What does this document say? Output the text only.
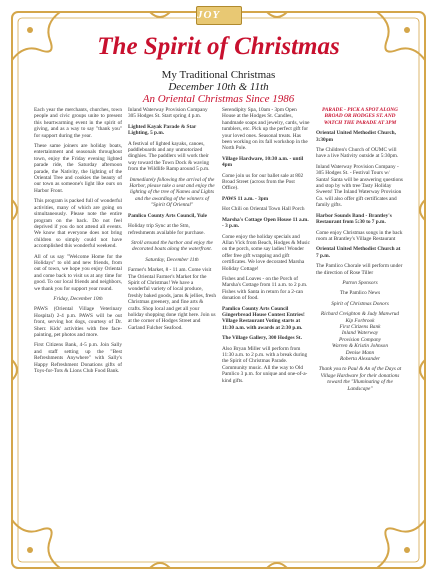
JOY
The Spirit of Christmas
My Traditional Christmas
December 10th & 11th
An Oriental Christmas Since 1986

Each year the merchants, churches, town people and civic groups unite to present this heartwarming event in the spirit of giving, and as a way to say "thank you" for support during the year.

These same joiners are holiday boats, entertainment and seasonals throughout town, enjoy the Friday evening lighted parade ride, the Saturday afternoon parade, the Nativity, the lighting of the Oriental Tree and cookies the beauty of our town as someone's light like ours on Harbor Front.

This program is packed full of wonderful activities, many of which are going on simultaneously. Please note the entire program on the back. Do not feel deprived if you do not attend all events. We know that everyone does not bring children so simply could not have accomplished this wonderful weekend.

All of us say "Welcome Home for the Holidays" to old and new friends, from out of town, we hope you enjoy Oriental and come back to visit us at any time for good. To our local friends and neighbors, we thank you for support year round.

Friday, December 10th

PAWS (Oriental Village Veterinary Hospital) 2-4 p.m. PAWS will be out front, serving hot dogs, courtesy of Dr. Sherr. Kids' activities with free face-painting, pet photos and more.

First Citizens Bank, 4-5 p.m. Join Sally and staff setting up the "Best Refreshments Anywhere" with Sally's Happy Refreshment Donations gifts of Toys-for-Tots & Lions Club Food Bank.

Inland Waterway Provision Company 305 Hodges St. Start spring 4 p.m.

Lighted Kayak Parade & Star Lighting, 5 p.m.

A festival of lighted kayaks, canoes, paddleboards and any unmotorized dinghies. The paddlers will work their way toward the Town Dock & waving from the Wildlife Ramp around 5 p.m.

Immediately following the arrival of the Harbor, please take a seat and enjoy the lighting of the tree of Names and Lights and the awarding of the winners of "Spirit Of Oriental"

Pamlico County Arts Council, Yule

Holiday trip Sync at the Stm, refreshments available for purchase.

Stroll around the harbor and enjoy the decorated boats along the waterfront.

Saturday, December 11th

Farmer's Market, 8 - 11 am. Come visit The Oriental Farmer's Market for the Spirit of Christmas! We have a wonderful variety of local produce, freshly baked goods, jams & jellies, fresh Christmas greenery, and fine arts & crafts. Shop local and get all your holiday shopping done right here. Join us at the corner of Hodges Street and Garland Fulcher Seafood.

Serendipity Spa, 10am - 3pm Open House at the Hodges St. Candles, handmade soaps and jewelry, cards, wine tumblers, etc. Pick up the perfect gift for your loved ones. Seasonal treats. Has been working on its fall workshop in the North Pole.

Village Hardware, 10:30 a.m. - until 4pm

Come join us for our ballet sale at 802 Broad Street (across from the Post Office).

PAWS 11 a.m. - 3pm

Hot Chili on Oriental Town Hall Porch

Marsha's Cottage Open House 11 a.m. - 3 p.m.

Come enjoy the holiday specials and Allan Vick from Beach, Hodges & Music on the porch, some say ladies! Wonder offer free gift wrapping and gift certificates. We love decorated Marsha Holiday Cottage!

Fishes and Loaves - on the Porch of Marsha's Cottage from 11 a.m. to 2 p.m. Fishes with Santa in return for a 2-can donation of food.

Pamlico County Arts Council Gingerbread House Contest Entries! Village Restaurant Voting starts at 11:30 a.m. with awards at 2:30 p.m.

The Village Gallery, 300 Hodges St.

Also Bryan Miller will perform from 11:30 a.m. to 2 p.m. with a break during the Spirit of Christmas Parade. Community music. All the way to Old Pamlico 3 p.m. for unique and one-of-a-kind gifts.

PARADE - PICK A SPOT ALONG BROAD OR HODGES ST. AND WATCH THE PARADE AT 3PM

Oriental United Methodist Church, 3:30pm

The Children's Church of OUMC will have a live Nativity outside at 5:30pm.

Inland Waterway Provision Company - 305 Hodges St. - Festival Tours w/ Santa! Santa will be answering questions and stop by with tree Tasty Holiday Sweets! The Inland Waterway Provision Co. will also offer gift certificates and family gifts.

Harbor Sounds Band - Brantley's Restaurant from 5:30 to 7 p.m.

Come enjoy Christmas songs in the back room at Brantley's Village Restaurant

Oriental United Methodist Church at 7 p.m.

The Pamlico Chorale will perform under the direction of Rose Tiller

Patron Sponsors

The Pamlico News

Spirit of Christmas Donors

Richard Creighton & Judy Manwrud

Kip Forbrook

First Citizens Bank

Inland Waterway

Provision Company

Warren & Kristin Johnson

Denise Mann

Roberta Alexander

Thank you to Paul & An of the Days at Village Hardware for their donations toward the "Illuminating of the Landscape"
